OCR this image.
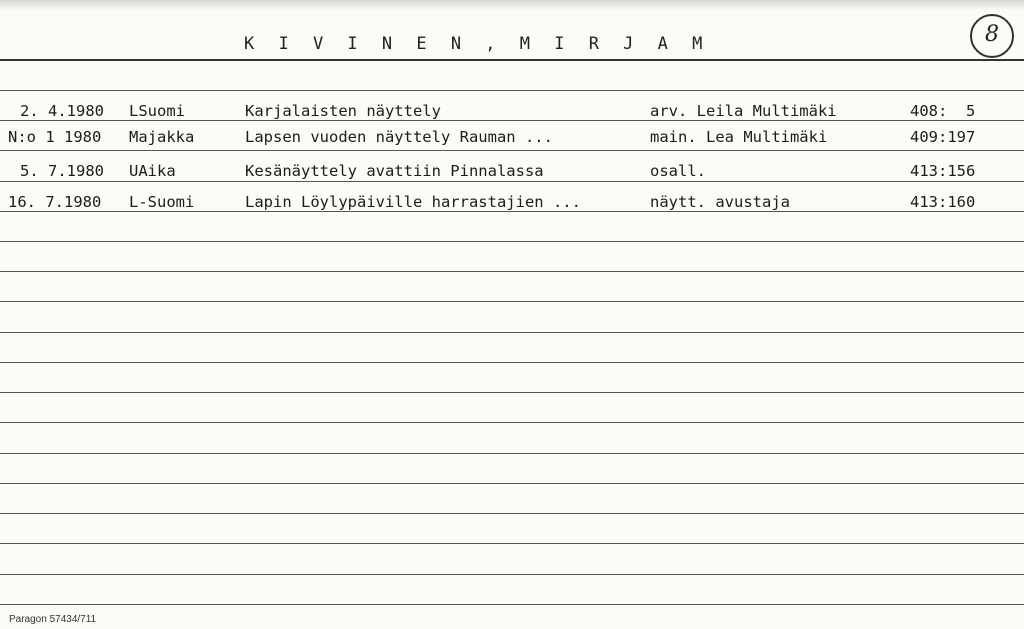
K I V I N E N , M I R J A M	8
2. 4.1980 LSuomi	Karjalaisten näyttely	arv. Leila Multimäki	408:  5
N:o 1 1980 Majakka	Lapsen vuoden näyttely Rauman ...	main. Lea Multimäki	409:197
5. 7.1980 UAika	Kesänäyttely avattiin Pinnalassa	osall.	413:156
16. 7.1980 L-Suomi	Lapin Löylypäiville harrastajien ...	näytt. avustaja	413:160
Paragon 57434/711
